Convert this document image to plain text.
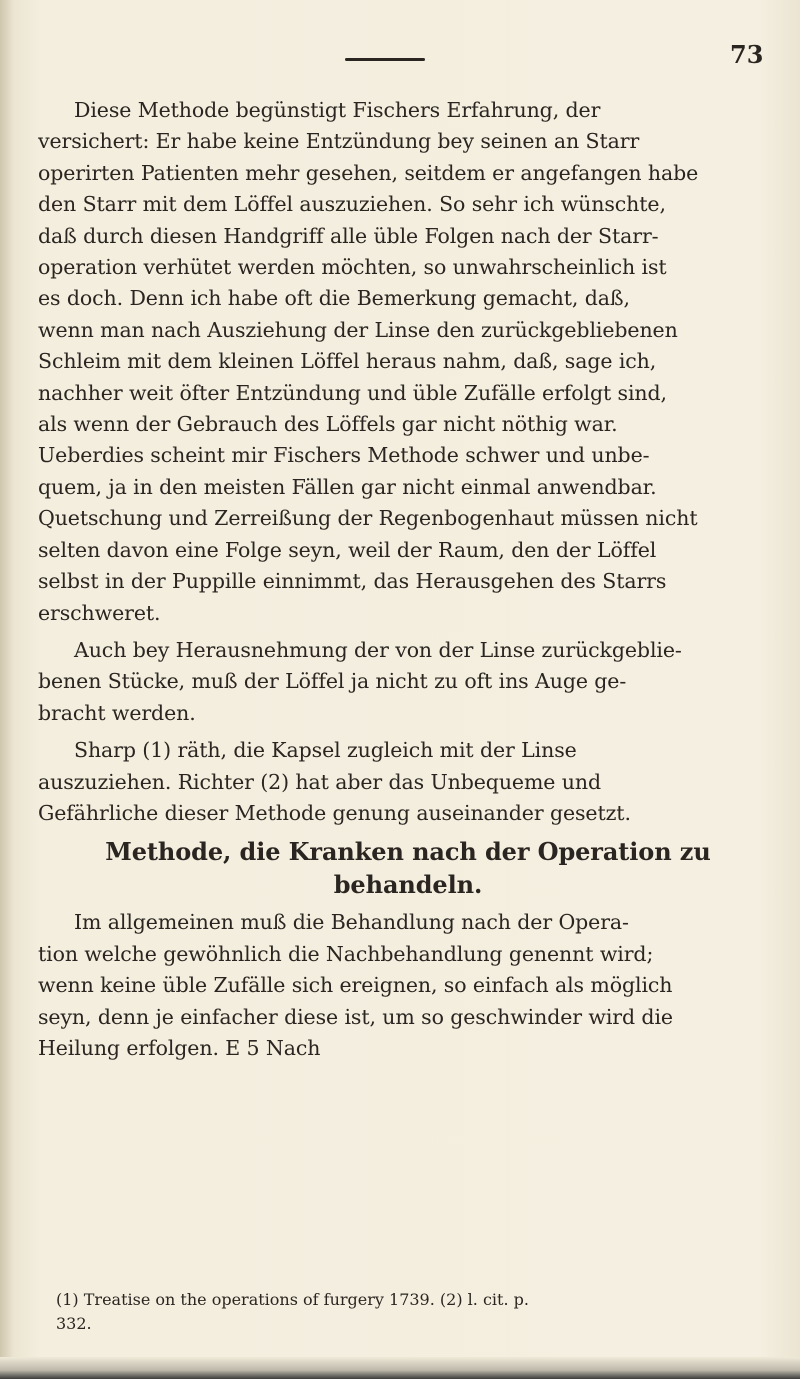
73
Diese Methode begünstigt Fischers Erfahrung, der
versichert: Er habe keine Entzündung bey seinen an Starr
operirten Patienten mehr gesehen, seitdem er angefangen habe
den Starr mit dem Löffel auszuziehen. So sehr ich wünschte,
daß durch diesen Handgriff alle üble Folgen nach der Starr-
operation verhütet werden möchten, so unwahrscheinlich ist
es doch. Denn ich habe oft die Bemerkung gemacht, daß,
wenn man nach Ausziehung der Linse den zurückgebliebenen
Schleim mit dem kleinen Löffel heraus nahm, daß, sage ich,
nachher weit öfter Entzündung und üble Zufälle erfolgt sind,
als wenn der Gebrauch des Löffels gar nicht nöthig war.
Ueberdies scheint mir Fischers Methode schwer und unbe-
quem, ja in den meisten Fällen gar nicht einmal anwendbar.
Quetschung und Zerreißung der Regenbogenhaut müssen nicht
selten davon eine Folge seyn, weil der Raum, den der Löffel
selbst in der Puppille einnimmt, das Herausgehen des Starrs
erschweret.
Auch bey Herausnehmung der von der Linse zurückgeblie-
benen Stücke, muß der Löffel ja nicht zu oft ins Auge ge-
bracht werden.
Sharp (1) räth, die Kapsel zugleich mit der Linse
auszuziehen. Richter (2) hat aber das Unbequeme und
Gefährliche dieser Methode genung auseinander gesetzt.
Methode, die Kranken nach der Operation zu
behandeln.
Im allgemeinen muß die Behandlung nach der Opera-
tion welche gewöhnlich die Nachbehandlung genennt wird;
wenn keine üble Zufälle sich ereignen, so einfach als möglich
seyn, denn je einfacher diese ist, um so geschwinder wird die
Heilung erfolgen. E 5 Nach
(1) Treatise on the operations of furgery 1739. (2) l. cit. p.
332.
